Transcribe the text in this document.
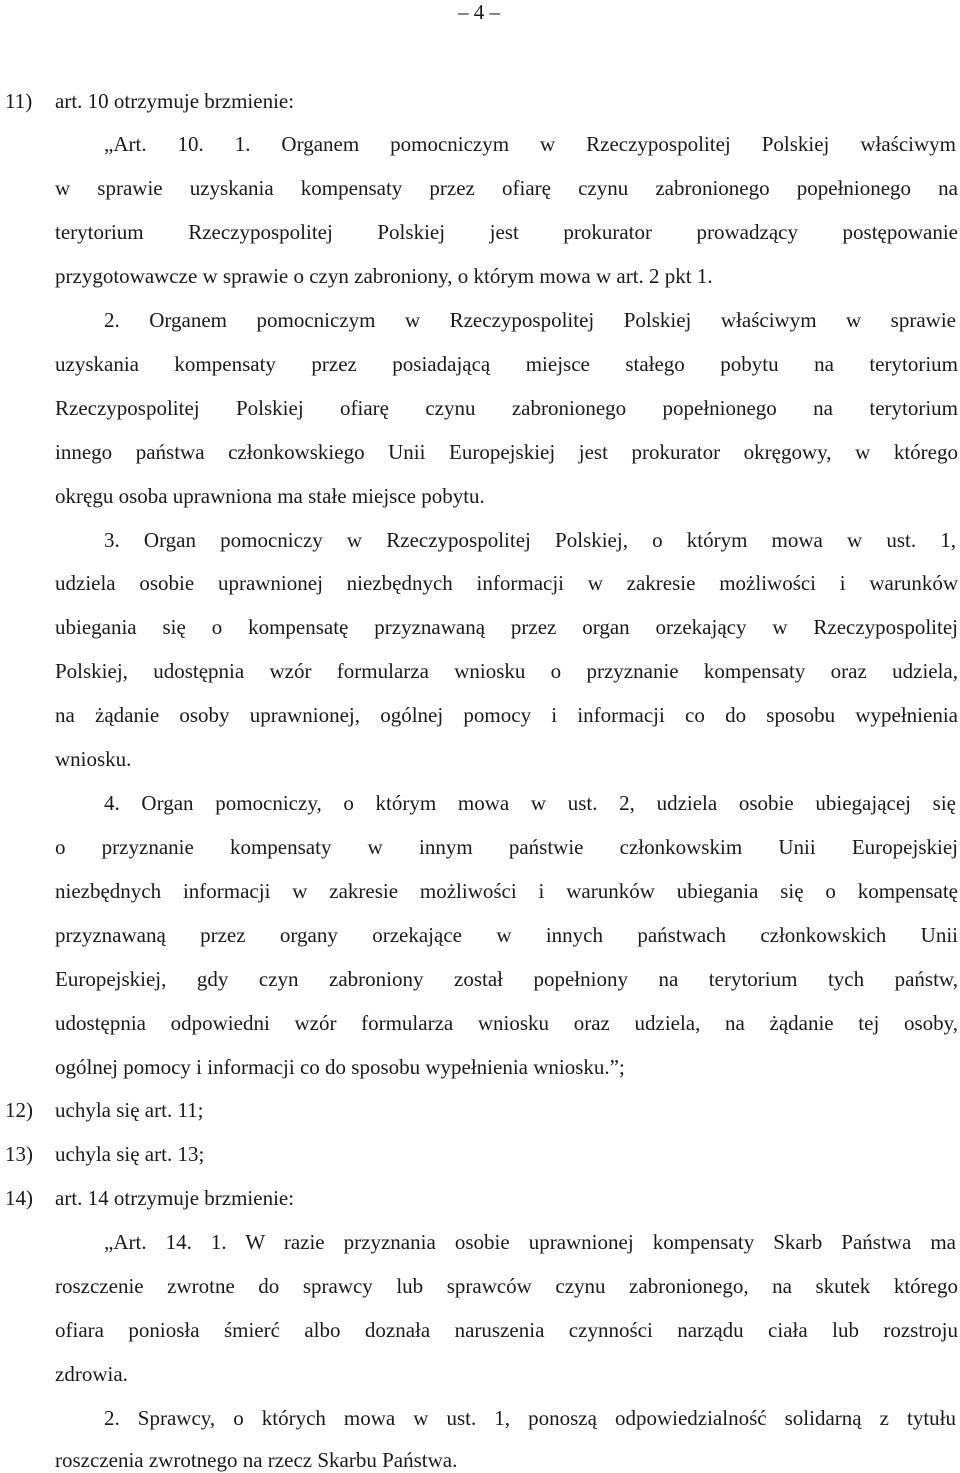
– 4 –
11) art. 10 otrzymuje brzmienie:
„Art. 10. 1. Organem pomocniczym w Rzeczypospolitej Polskiej właściwym
w sprawie uzyskania kompensaty przez ofiarę czynu zabronionego popełnionego na
terytorium Rzeczypospolitej Polskiej jest prokurator prowadzący postępowanie
przygotowawcze w sprawie o czyn zabroniony, o którym mowa w art. 2 pkt 1.
2. Organem pomocniczym w Rzeczypospolitej Polskiej właściwym w sprawie
uzyskania kompensaty przez posiadającą miejsce stałego pobytu na terytorium
Rzeczypospolitej Polskiej ofiarę czynu zabronionego popełnionego na terytorium
innego państwa członkowskiego Unii Europejskiej jest prokurator okręgowy, w którego
okręgu osoba uprawniona ma stałe miejsce pobytu.
3. Organ pomocniczy w Rzeczypospolitej Polskiej, o którym mowa w ust. 1,
udziela osobie uprawnionej niezbędnych informacji w zakresie możliwości i warunków
ubiegania się o kompensatę przyznawaną przez organ orzekający w Rzeczypospolitej
Polskiej, udostępnia wzór formularza wniosku o przyznanie kompensaty oraz udziela,
na żądanie osoby uprawnionej, ogólnej pomocy i informacji co do sposobu wypełnienia
wniosku.
4. Organ pomocniczy, o którym mowa w ust. 2, udziela osobie ubiegającej się
o przyznanie kompensaty w innym państwie członkowskim Unii Europejskiej
niezbędnych informacji w zakresie możliwości i warunków ubiegania się o kompensatę
przyznawaną przez organy orzekające w innych państwach członkowskich Unii
Europejskiej, gdy czyn zabroniony został popełniony na terytorium tych państw,
udostępnia odpowiedni wzór formularza wniosku oraz udziela, na żądanie tej osoby,
ogólnej pomocy i informacji co do sposobu wypełnienia wniosku.”;
12) uchyla się art. 11;
13) uchyla się art. 13;
14) art. 14 otrzymuje brzmienie:
„Art. 14. 1. W razie przyznania osobie uprawnionej kompensaty Skarb Państwa ma
roszczenie zwrotne do sprawcy lub sprawców czynu zabronionego, na skutek którego
ofiara poniosła śmierć albo doznała naruszenia czynności narządu ciała lub rozstroju
zdrowia.
2. Sprawcy, o których mowa w ust. 1, ponoszą odpowiedzialność solidarną z tytułu
roszczenia zwrotnego na rzecz Skarbu Państwa.
